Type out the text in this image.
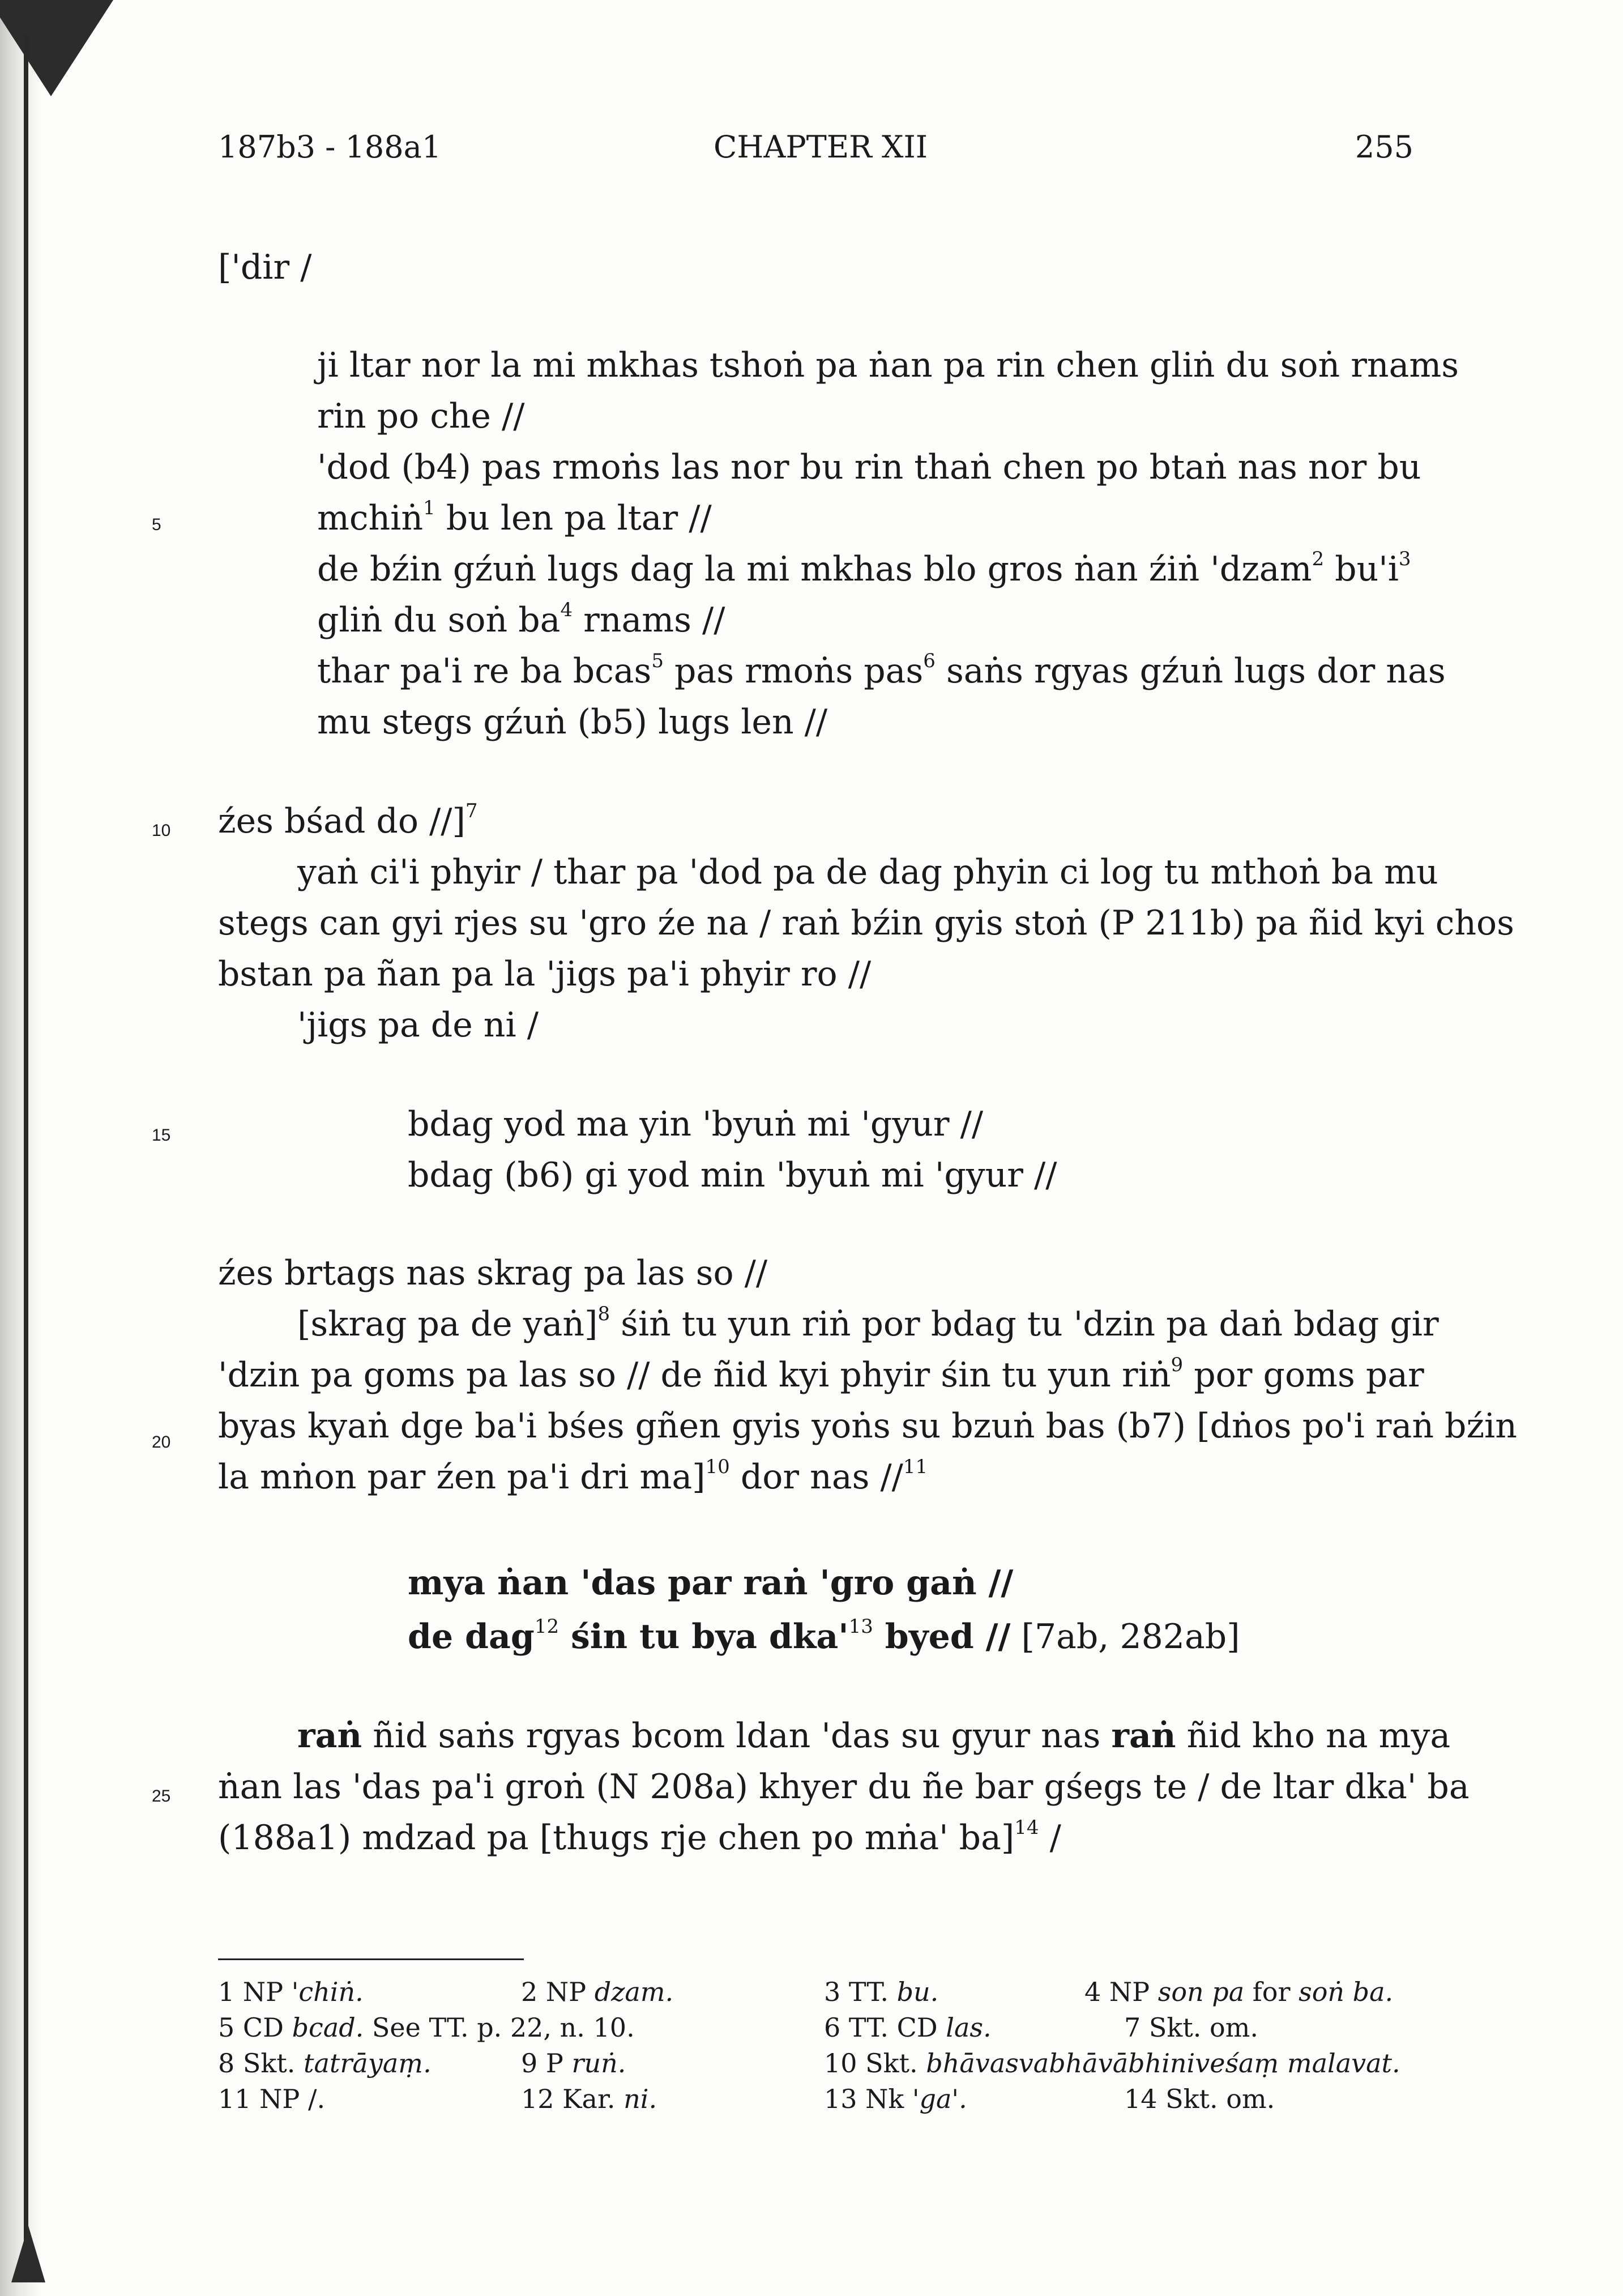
187b3 - 188a1	CHAPTER XII	255
5
10
15
20
25
['dir /
ji ltar nor la mi mkhas tshoṅ pa ṅan pa rin chen gliṅ du soṅ rnams
rin po che //
'dod (b4) pas rmoṅs las nor bu rin thaṅ chen po btaṅ nas nor bu
mchiṅ$^1$ bu len pa ltar //
de bźin gźuṅ lugs dag la mi mkhas blo gros ṅan źiṅ 'dzam$^2$ $bu'i^3$
gliṅ du soṅ $ba^4$ rnams //
thar pa'i re ba bcas$^5$ pas rmoṅs pas$^6$ saṅs rgyas gźuṅ lugs dor nas
mu stegs gźuṅ (b5) lugs len //
źes bśad do //]$^7$
yaṅ ci'i phyir / thar pa 'dod pa de dag phyin ci log tu mthoṅ ba mu
stegs can gyi rjes su 'gro źe na / raṅ bźin gyis stoṅ (P 211b) pa ñid kyi chos
bstan pa ñan pa la 'jigs pa'i phyir ro //
'jigs pa de ni /
bdag yod ma yin 'byuṅ mi 'gyur //
bdag (b6) gi yod min 'byuṅ mi 'gyur //
źes brtags nas skrag pa las so //
[skrag pa de yaṅ]$^8$ śiṅ tu yun riṅ por bdag tu 'dzin pa daṅ bdag gir
'dzin pa goms pa las so // de ñid kyi phyir śin tu yun riṅ$^9$ por goms par
byas kyaṅ dge ba'i bśes gñen gyis yoṅs su bzuṅ bas (b7) [dṅos po'i raṅ bźin
la mṅon par źen pa'i dri ma]$^{10}$ dor nas //$^{11}$
mya ṅan 'das par raṅ 'gro gaṅ //
de dag$^{12}$ śin tu bya $dka'^{13}$ byed // [7ab, 282ab]
raṅ ñid saṅs rgyas bcom ldan 'das su gyur nas raṅ ñid kho na mya
ṅan las 'das pa'i groṅ (N 208a) khyer du ñe bar gśegs te / de ltar dka' ba
(188a1) mdzad pa [thugs rje chen po mṅa' ba]$^{14}$ /
1 NP 'chiṅ.	2 NP dzam.	3 TT. bu.	4 NP son pa for soṅ ba.
5 CD bcad. See TT. p. 22, n. 10.	6 TT. CD las.	7 Skt. om.
8 Skt. tatrāyaṃ.	9 P ruṅ.	10 Skt. bhāvasvabhāvābhiniveśaṃ malavat.
11 NP /.	12 Kar. ni.	13 Nk 'ga'.	14 Skt. om.
